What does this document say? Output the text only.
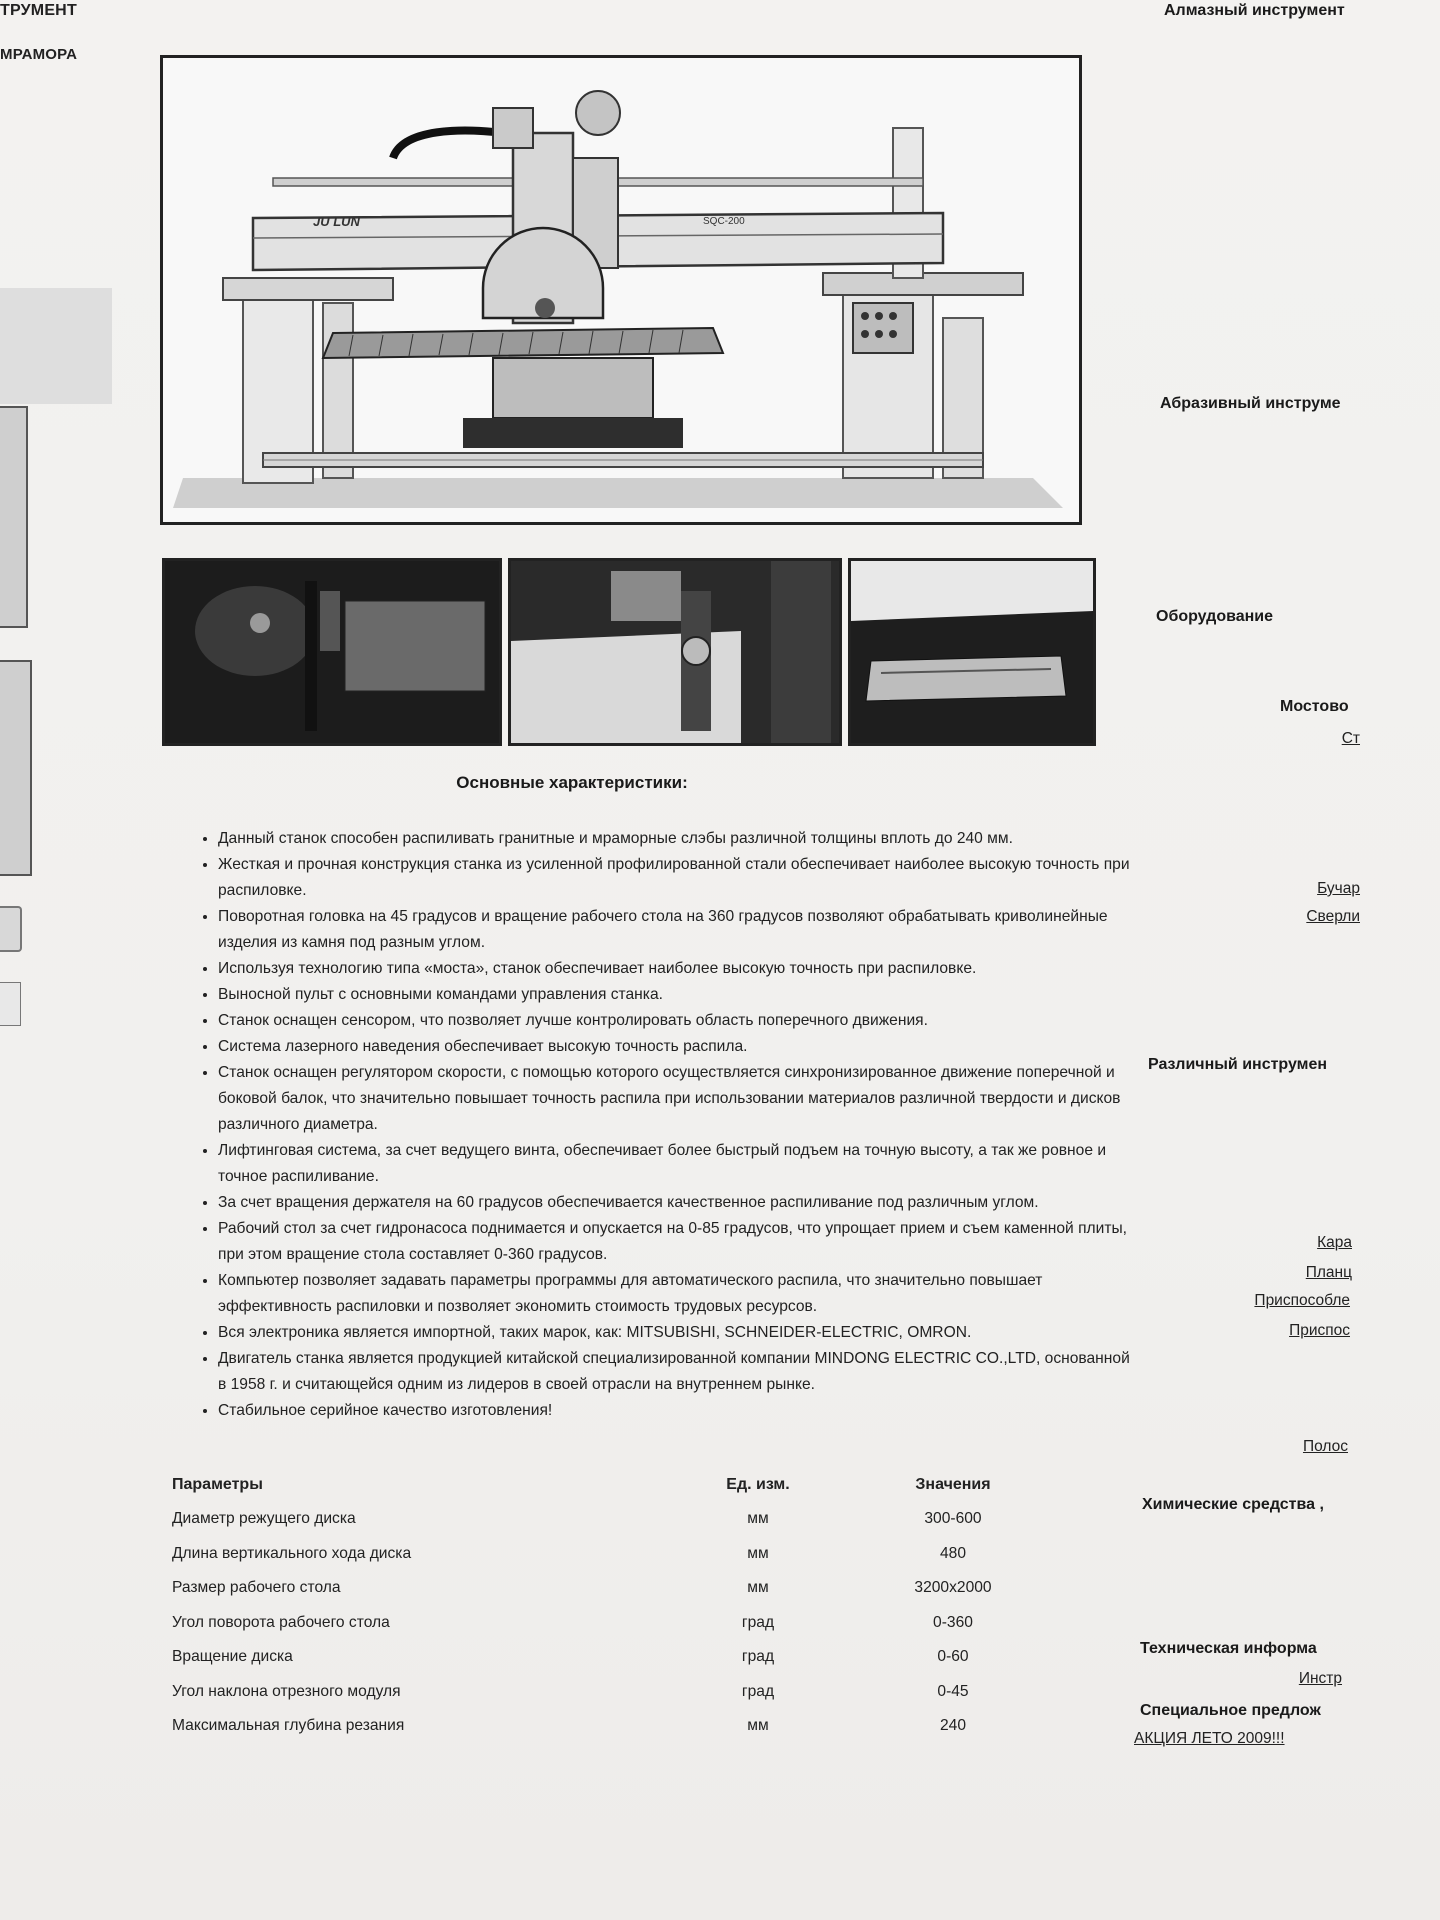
ТРУМЕНТ
МРАМОРА
JU LUN	SQC-200
Основные характеристики:
• Данный станок способен распиливать гранитные и мраморные слэбы различной толщины вплоть до 240 мм.
• Жесткая и прочная конструкция станка из усиленной профилированной стали обеспечивает наиболее высокую точность при распиловке.
• Поворотная головка на 45 градусов и вращение рабочего стола на 360 градусов позволяют обрабатывать криволинейные изделия из камня под разным углом.
• Используя технологию типа «моста», станок обеспечивает наиболее высокую точность при распиловке.
• Выносной пульт с основными командами управления станка.
• Станок оснащен сенсором, что позволяет лучше контролировать область поперечного движения.
• Система лазерного наведения обеспечивает высокую точность распила.
• Станок оснащен регулятором скорости, с помощью которого осуществляется синхронизированное движение поперечной и боковой балок, что значительно повышает точность распила при использовании материалов различной твердости и дисков различного диаметра.
• Лифтинговая система, за счет ведущего винта, обеспечивает более быстрый подъем на точную высоту, а так же ровное и точное распиливание.
• За счет вращения держателя на 60 градусов обеспечивается качественное распиливание под различным углом.
• Рабочий стол за счет гидронасоса поднимается и опускается на 0-85 градусов, что упрощает прием и съем каменной плиты, при этом вращение стола составляет 0-360 градусов.
• Компьютер позволяет задавать параметры программы для автоматического распила, что значительно повышает эффективность распиловки и позволяет экономить стоимость трудовых ресурсов.
• Вся электроника является импортной, таких марок, как: MITSUBISHI, SCHNEIDER-ELECTRIC, OMRON.
• Двигатель станка является продукцией китайской специализированной компании MINDONG ELECTRIC CO.,LTD, основанной в 1958 г. и считающейся одним из лидеров в своей отрасли на внутреннем рынке.
• Стабильное серийное качество изготовления!
Параметры	Ед. изм.	Значения
Диаметр режущего диска	мм	300-600
Длина вертикального хода диска	мм	480
Размер рабочего стола	мм	3200x2000
Угол поворота рабочего стола	град	0-360
Вращение диска	град	0-60
Угол наклона отрезного модуля	град	0-45
Максимальная глубина резания	мм	240
Алмазный инструмент
Абразивный инструме
Оборудование
Мостово
Ст
Бучар
Сверли
Различный инструмен
Кара
Планц
Приспособле
Приспос
Полос
Химические средства ,
Техническая информа
Инстр
Специальное предлож
АКЦИЯ ЛЕТО 2009!!!
